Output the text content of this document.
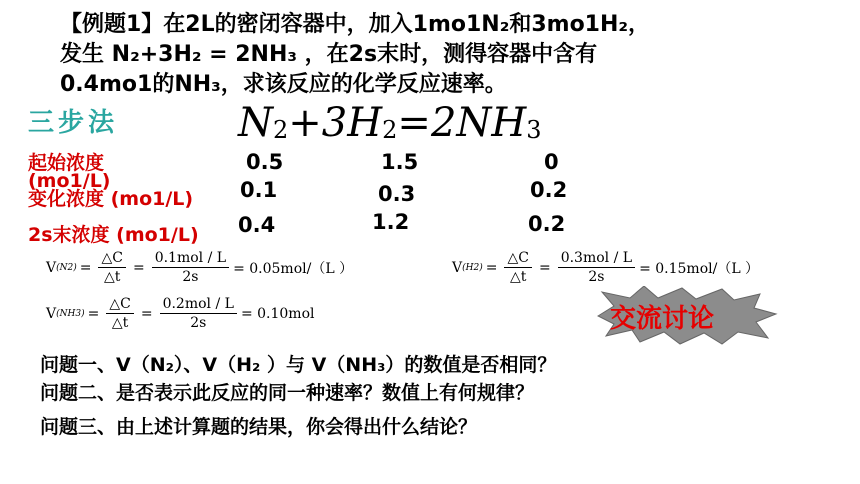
【例题1】在2L的密闭容器中，加入1mo1N₂和3mo1H₂，
发生 N₂+3H₂ = 2NH₃ ，在2s末时，测得容器中含有
0.4mo1的NH₃，求该反应的化学反应速率。
三步法	$N_2+3H_2=2NH_3$
起始浓度
(mo1/L)
0.5	1.5	0
变化浓度 (mo1/L) 0.1	0.3	0.2
2s末浓度 (mo1/L) 0.4	1.2	0.2
V $(N2) = \frac{\triangle C}{\triangle t} = \frac{\text{0.1mol / L}}{2s} = 0.05mol/(L$ ）	V $(H2) = \frac{\triangle C}{\triangle t} = \frac{\text{0.3mol / L}}{2s} = 0.15mol/(L$ ）
V $(NH3) = \frac{\triangle C}{\triangle t} = \frac{\text{0.2mol / L}}{2s} = 0.10mol$	交流讨论
问题一、V（N₂）、V（H₂ ）与 V（NH₃）的数值是否相同？
问题二、是否表示此反应的同一种速率？数值上有何规律？
问题三、由上述计算题的结果，你会得出什么结论？
